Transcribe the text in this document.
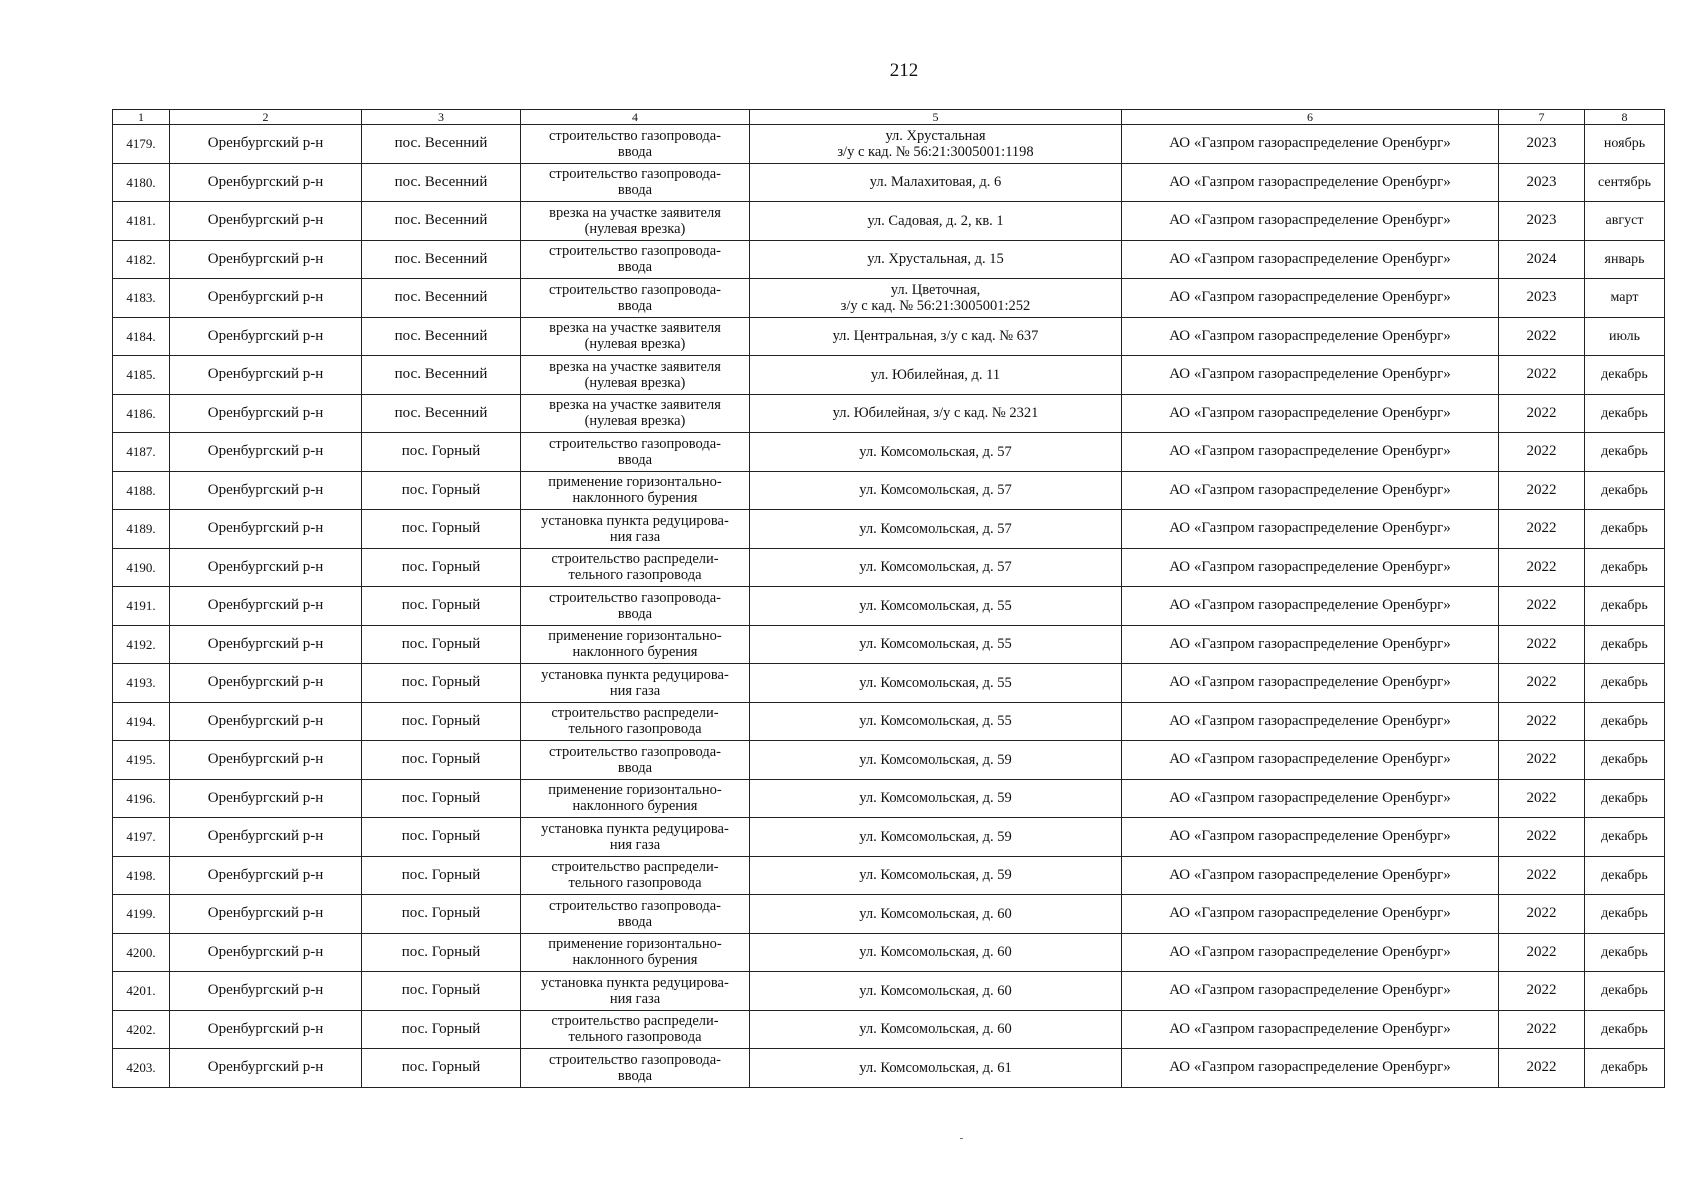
212
1	2	3	4	5	6	7	8
4179.	Оренбургский р-н	пос. Весенний	строительство газопровода-
ввода	ул. Хрустальная
з/у с кад. № 56:21:3005001:1198	АО «Газпром газораспределение Оренбург»	2023	ноябрь
4180.	Оренбургский р-н	пос. Весенний	строительство газопровода-
ввода	ул. Малахитовая, д. 6	АО «Газпром газораспределение Оренбург»	2023	сентябрь
4181.	Оренбургский р-н	пос. Весенний	врезка на участке заявителя
(нулевая врезка)	ул. Садовая, д. 2, кв. 1	АО «Газпром газораспределение Оренбург»	2023	август
4182.	Оренбургский р-н	пос. Весенний	строительство газопровода-
ввода	ул. Хрустальная, д. 15	АО «Газпром газораспределение Оренбург»	2024	январь
4183.	Оренбургский р-н	пос. Весенний	строительство газопровода-
ввода	ул. Цветочная,
з/у с кад. № 56:21:3005001:252	АО «Газпром газораспределение Оренбург»	2023	март
4184.	Оренбургский р-н	пос. Весенний	врезка на участке заявителя
(нулевая врезка)	ул. Центральная, з/у с кад. № 637	АО «Газпром газораспределение Оренбург»	2022	июль
4185.	Оренбургский р-н	пос. Весенний	врезка на участке заявителя
(нулевая врезка)	ул. Юбилейная, д. 11	АО «Газпром газораспределение Оренбург»	2022	декабрь
4186.	Оренбургский р-н	пос. Весенний	врезка на участке заявителя
(нулевая врезка)	ул. Юбилейная, з/у с кад. № 2321	АО «Газпром газораспределение Оренбург»	2022	декабрь
4187.	Оренбургский р-н	пос. Горный	строительство газопровода-
ввода	ул. Комсомольская, д. 57	АО «Газпром газораспределение Оренбург»	2022	декабрь
4188.	Оренбургский р-н	пос. Горный	применение горизонтально-
наклонного бурения	ул. Комсомольская, д. 57	АО «Газпром газораспределение Оренбург»	2022	декабрь
4189.	Оренбургский р-н	пос. Горный	установка пункта редуцирова-
ния газа	ул. Комсомольская, д. 57	АО «Газпром газораспределение Оренбург»	2022	декабрь
4190.	Оренбургский р-н	пос. Горный	строительство распредели-
тельного газопровода	ул. Комсомольская, д. 57	АО «Газпром газораспределение Оренбург»	2022	декабрь
4191.	Оренбургский р-н	пос. Горный	строительство газопровода-
ввода	ул. Комсомольская, д. 55	АО «Газпром газораспределение Оренбург»	2022	декабрь
4192.	Оренбургский р-н	пос. Горный	применение горизонтально-
наклонного бурения	ул. Комсомольская, д. 55	АО «Газпром газораспределение Оренбург»	2022	декабрь
4193.	Оренбургский р-н	пос. Горный	установка пункта редуцирова-
ния газа	ул. Комсомольская, д. 55	АО «Газпром газораспределение Оренбург»	2022	декабрь
4194.	Оренбургский р-н	пос. Горный	строительство распредели-
тельного газопровода	ул. Комсомольская, д. 55	АО «Газпром газораспределение Оренбург»	2022	декабрь
4195.	Оренбургский р-н	пос. Горный	строительство газопровода-
ввода	ул. Комсомольская, д. 59	АО «Газпром газораспределение Оренбург»	2022	декабрь
4196.	Оренбургский р-н	пос. Горный	применение горизонтально-
наклонного бурения	ул. Комсомольская, д. 59	АО «Газпром газораспределение Оренбург»	2022	декабрь
4197.	Оренбургский р-н	пос. Горный	установка пункта редуцирова-
ния газа	ул. Комсомольская, д. 59	АО «Газпром газораспределение Оренбург»	2022	декабрь
4198.	Оренбургский р-н	пос. Горный	строительство распредели-
тельного газопровода	ул. Комсомольская, д. 59	АО «Газпром газораспределение Оренбург»	2022	декабрь
4199.	Оренбургский р-н	пос. Горный	строительство газопровода-
ввода	ул. Комсомольская, д. 60	АО «Газпром газораспределение Оренбург»	2022	декабрь
4200.	Оренбургский р-н	пос. Горный	применение горизонтально-
наклонного бурения	ул. Комсомольская, д. 60	АО «Газпром газораспределение Оренбург»	2022	декабрь
4201.	Оренбургский р-н	пос. Горный	установка пункта редуцирова-
ния газа	ул. Комсомольская, д. 60	АО «Газпром газораспределение Оренбург»	2022	декабрь
4202.	Оренбургский р-н	пос. Горный	строительство распредели-
тельного газопровода	ул. Комсомольская, д. 60	АО «Газпром газораспределение Оренбург»	2022	декабрь
4203.	Оренбургский р-н	пос. Горный	строительство газопровода-
ввода	ул. Комсомольская, д. 61	АО «Газпром газораспределение Оренбург»	2022	декабрь
